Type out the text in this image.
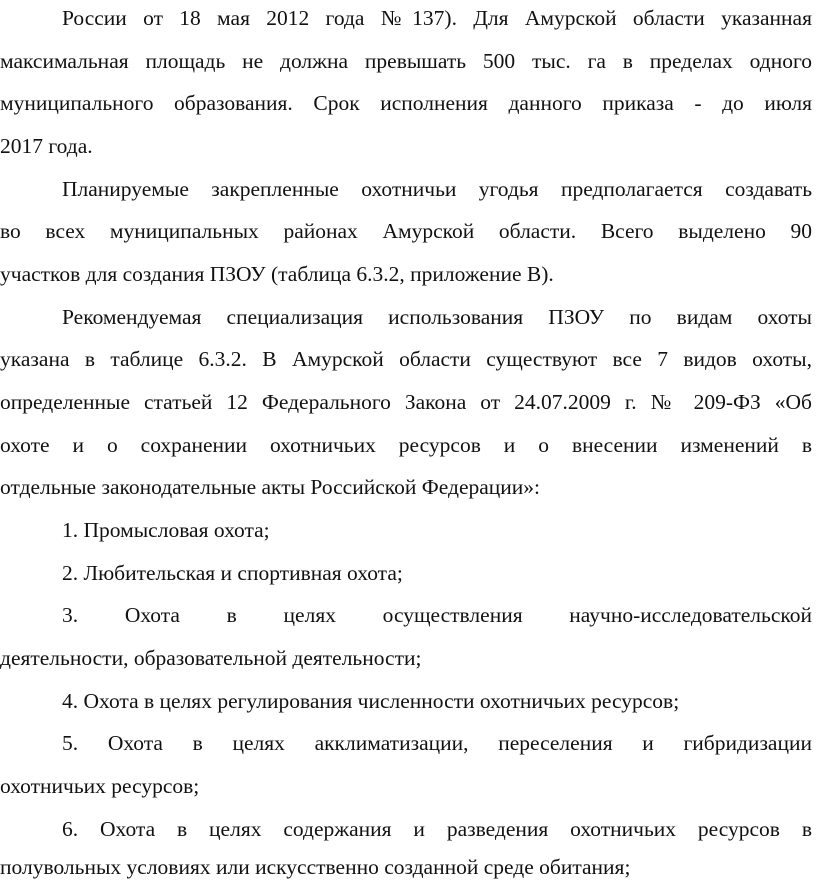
России от 18 мая 2012 года №137). Для Амурской области указанная
максимальная площадь не должна превышать 500 тыс. га в пределах одного
муниципального образования. Срок исполнения данного приказа - до июля
2017 года.
Планируемые закрепленные охотничьи угодья предполагается создавать
во всех муниципальных районах Амурской области. Всего выделено 90
участков для создания ПЗОУ (таблица 6.3.2, приложение В).
Рекомендуемая специализация использования ПЗОУ по видам охоты
указана в таблице 6.3.2. В Амурской области существуют все 7 видов охоты,
определенные статьей 12 Федерального Закона от 24.07.2009 г. № 209-ФЗ «Об
охоте и о сохранении охотничьих ресурсов и о внесении изменений в
отдельные законодательные акты Российской Федерации»:
1. Промысловая охота;
2. Любительская и спортивная охота;
3. Охота в целях осуществления научно-исследовательской
деятельности, образовательной деятельности;
4. Охота в целях регулирования численности охотничьих ресурсов;
5. Охота в целях акклиматизации, переселения и гибридизации
охотничьих ресурсов;
6. Охота в целях содержания и разведения охотничьих ресурсов в
полувольных условиях или искусственно созданной среде обитания;
